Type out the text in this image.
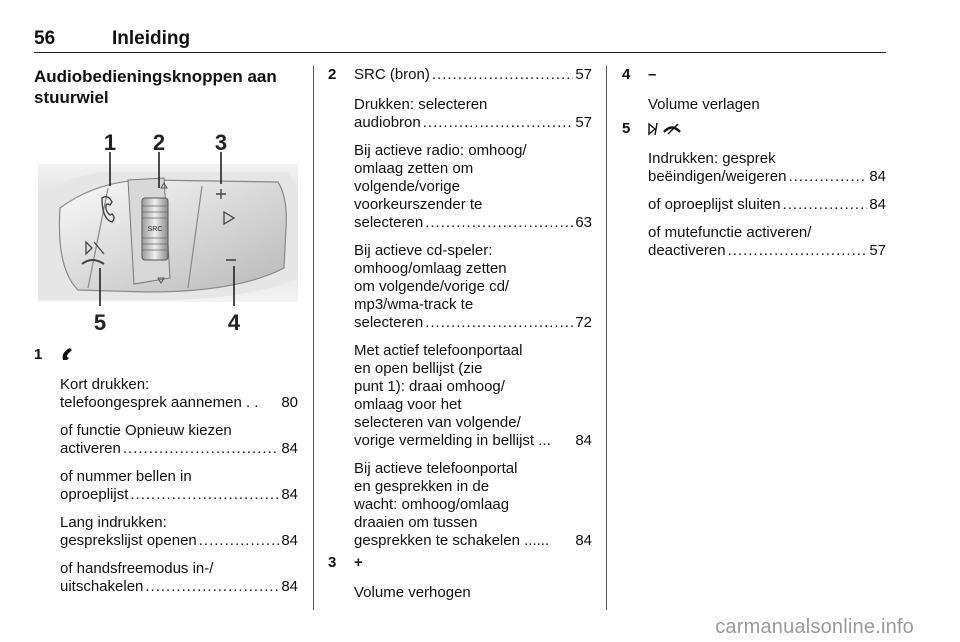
56	Inleiding
Audiobedieningsknoppen aan stuurwiel
SRC
1 2 3
4
5
1
Kort drukken:
telefoongesprek aannemen . . 80
of functie Opnieuw kiezen
activeren .....	84
of nummer bellen in
oproeplijst .....	84
Lang indrukken:
gesprekslijst openen .....	84
of handsfreemodus in-/
uitschakelen .....	84
2 SRC (bron) .....	57
Drukken: selecteren
audiobron .....	57
Bij actieve radio: omhoog/
omlaag zetten om
volgende/vorige
voorkeurszender te
selecteren .....	63
Bij actieve cd-speler:
omhoog/omlaag zetten
om volgende/vorige cd/
mp3/wma-track te
selecteren .....	72
Met actief telefoonportaal
en open bellijst (zie
punt 1): draai omhoog/
omlaag voor het
selecteren van volgende/
vorige vermelding in bellijst ... 84
Bij actieve telefoonportal
en gesprekken in de
wacht: omhoog/omlaag
draaien om tussen
gesprekken te schakelen ...... 84
3 +
Volume verhogen
4 –
Volume verlagen
5
Indrukken: gesprek
beëindigen/weigeren .....	84
of oproeplijst sluiten .....	84
of mutefunctie activeren/
deactiveren .....	57
carmanualsonline.info
